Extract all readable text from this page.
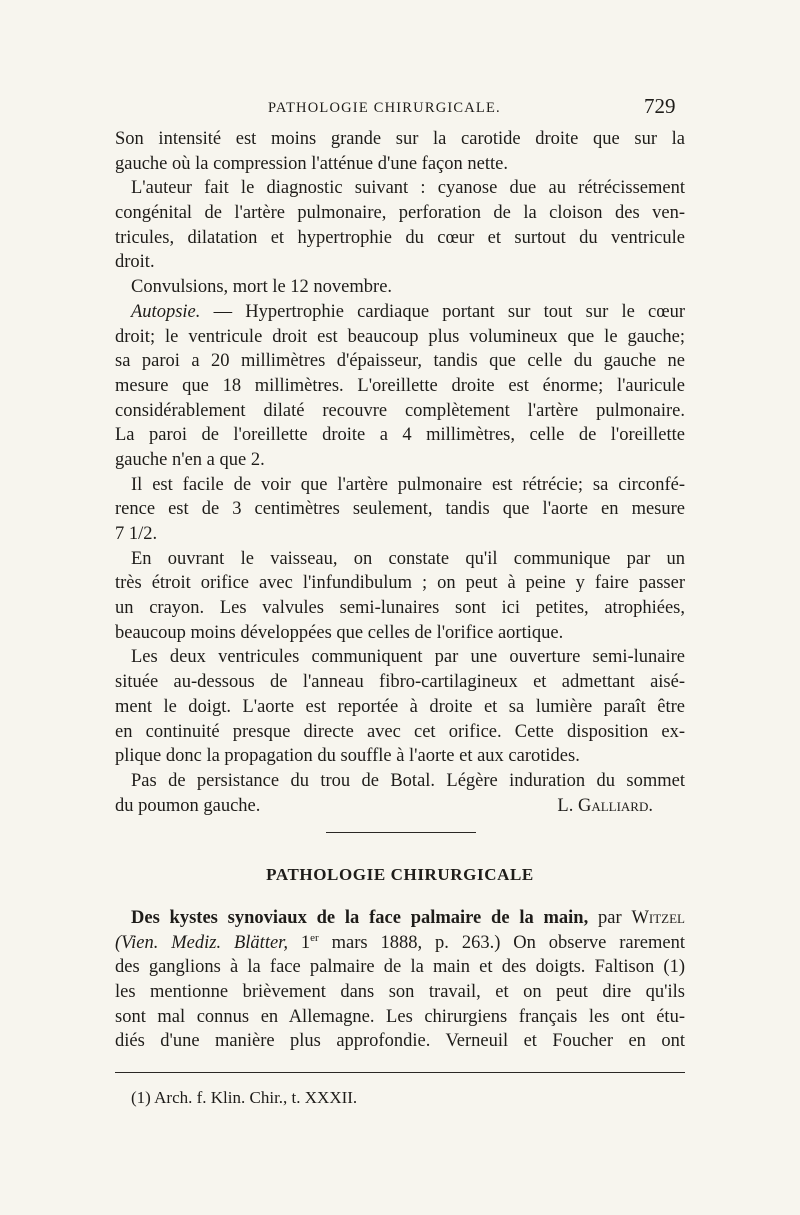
PATHOLOGIE CHIRURGICALE.	729
Son intensité est moins grande sur la carotide droite que sur la
gauche où la compression l'atténue d'une façon nette.
L'auteur fait le diagnostic suivant : cyanose due au rétrécissement
congénital de l'artère pulmonaire, perforation de la cloison des ven-
tricules, dilatation et hypertrophie du cœur et surtout du ventricule
droit.
Convulsions, mort le 12 novembre.
Autopsie. — Hypertrophie cardiaque portant sur tout sur le cœur
droit; le ventricule droit est beaucoup plus volumineux que le gauche;
sa paroi a 20 millimètres d'épaisseur, tandis que celle du gauche ne
mesure que 18 millimètres. L'oreillette droite est énorme; l'auricule
considérablement dilaté recouvre complètement l'artère pulmonaire.
La paroi de l'oreillette droite a 4 millimètres, celle de l'oreillette
gauche n'en a que 2.
Il est facile de voir que l'artère pulmonaire est rétrécie; sa circonfé-
rence est de 3 centimètres seulement, tandis que l'aorte en mesure
7 1/2.
En ouvrant le vaisseau, on constate qu'il communique par un
très étroit orifice avec l'infundibulum ; on peut à peine y faire passer
un crayon. Les valvules semi-lunaires sont ici petites, atrophiées,
beaucoup moins développées que celles de l'orifice aortique.
Les deux ventricules communiquent par une ouverture semi-lunaire
située au-dessous de l'anneau fibro-cartilagineux et admettant aisé-
ment le doigt. L'aorte est reportée à droite et sa lumière paraît être
en continuité presque directe avec cet orifice. Cette disposition ex-
plique donc la propagation du souffle à l'aorte et aux carotides.
Pas de persistance du trou de Botal. Légère induration du sommet
du poumon gauche.	L. Galliard.
PATHOLOGIE CHIRURGICALE
Des kystes synoviaux de la face palmaire de la main, par Witzel
(Vien. Mediz. Blätter, 1er mars 1888, p. 263.) On observe rarement
des ganglions à la face palmaire de la main et des doigts. Faltison (1)
les mentionne brièvement dans son travail, et on peut dire qu'ils
sont mal connus en Allemagne. Les chirurgiens français les ont étu-
diés d'une manière plus approfondie. Verneuil et Foucher en ont
(1) Arch. f. Klin. Chir., t. XXXII.
